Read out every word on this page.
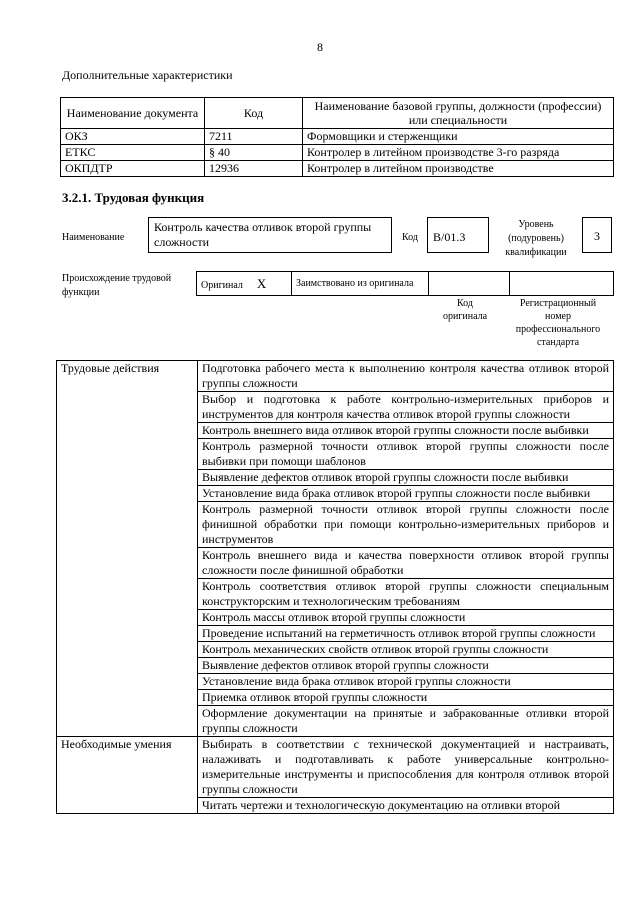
8
Дополнительные характеристики
Наименование документа	Код	Наименование базовой группы, должности (профессии) или специальности
ОКЗ	7211	Формовщики и стерженщики
ЕТКС	§ 40	Контролер в литейном производстве 3-го разряда
ОКПДТР	12936	Контролер в литейном производстве
3.2.1. Трудовая функция
Наименование
Контроль качества отливок второй группы сложности	Код	B/01.3
Уровень (подуровень) квалификации
3
Происхождение трудовой функции
Оригинал X	Заимствовано из оригинала		
Код оригинала
Регистрационный номер профессионального стандарта
Трудовые действия	Подготовка рабочего места к выполнению контроля качества отливок второй группы сложности
	Выбор и подготовка к работе контрольно-измерительных приборов и инструментов для контроля качества отливок второй группы сложности
	Контроль внешнего вида отливок второй группы сложности после выбивки
	Контроль размерной точности отливок второй группы сложности после выбивки при помощи шаблонов
	Выявление дефектов отливок второй группы сложности после выбивки
	Установление вида брака отливок второй группы сложности после выбивки
	Контроль размерной точности отливок второй группы сложности после финишной обработки при помощи контрольно-измерительных приборов и инструментов
	Контроль внешнего вида и качества поверхности отливок второй группы сложности после финишной обработки
	Контроль соответствия отливок второй группы сложности специальным конструкторским и технологическим требованиям
	Контроль массы отливок второй группы сложности
	Проведение испытаний на герметичность отливок второй группы сложности
	Контроль механических свойств отливок второй группы сложности
	Выявление дефектов отливок второй группы сложности
	Установление вида брака отливок второй группы сложности
	Приемка отливок второй группы сложности
	Оформление документации на принятые и забракованные отливки второй группы сложности
Необходимые умения	Выбирать в соответствии с технической документацией и настраивать, налаживать и подготавливать к работе универсальные контрольно-измерительные инструменты и приспособления для контроля отливок второй группы сложности
	Читать чертежи и технологическую документацию на отливки второй
